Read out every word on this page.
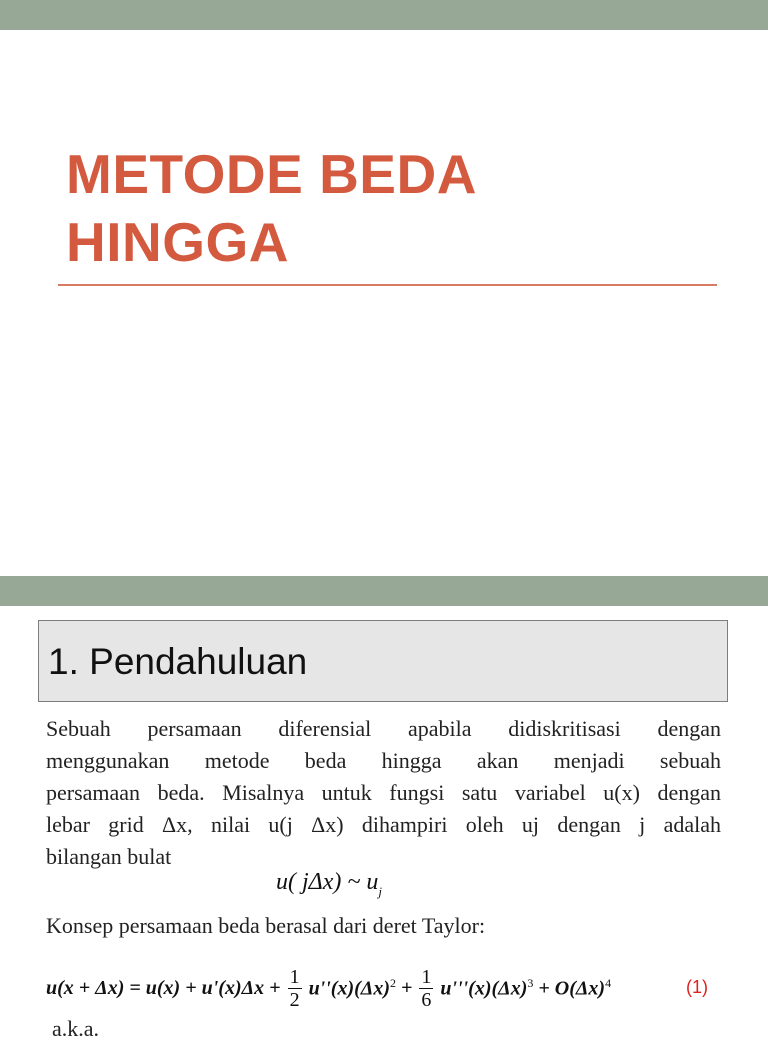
METODE BEDA
HINGGA
1. Pendahuluan
Sebuah persamaan diferensial apabila didiskritisasi dengan
menggunakan metode beda hingga akan menjadi sebuah
persamaan beda. Misalnya untuk fungsi satu variabel u(x) dengan
lebar grid Δx, nilai u(j Δx) dihampiri oleh uj dengan j adalah
bilangan bulat
u( jΔx) ~ $u_j$
Konsep persamaan beda berasal dari deret Taylor:
$u(x + \Delta x) = u(x) + u'(x)\Delta x + \frac{1}{2} u''(x)(\Delta x)^2 + \frac{1}{6} u'''(x)(\Delta x)^3 + O(\Delta x)^4$	(1)
a.k.a.
